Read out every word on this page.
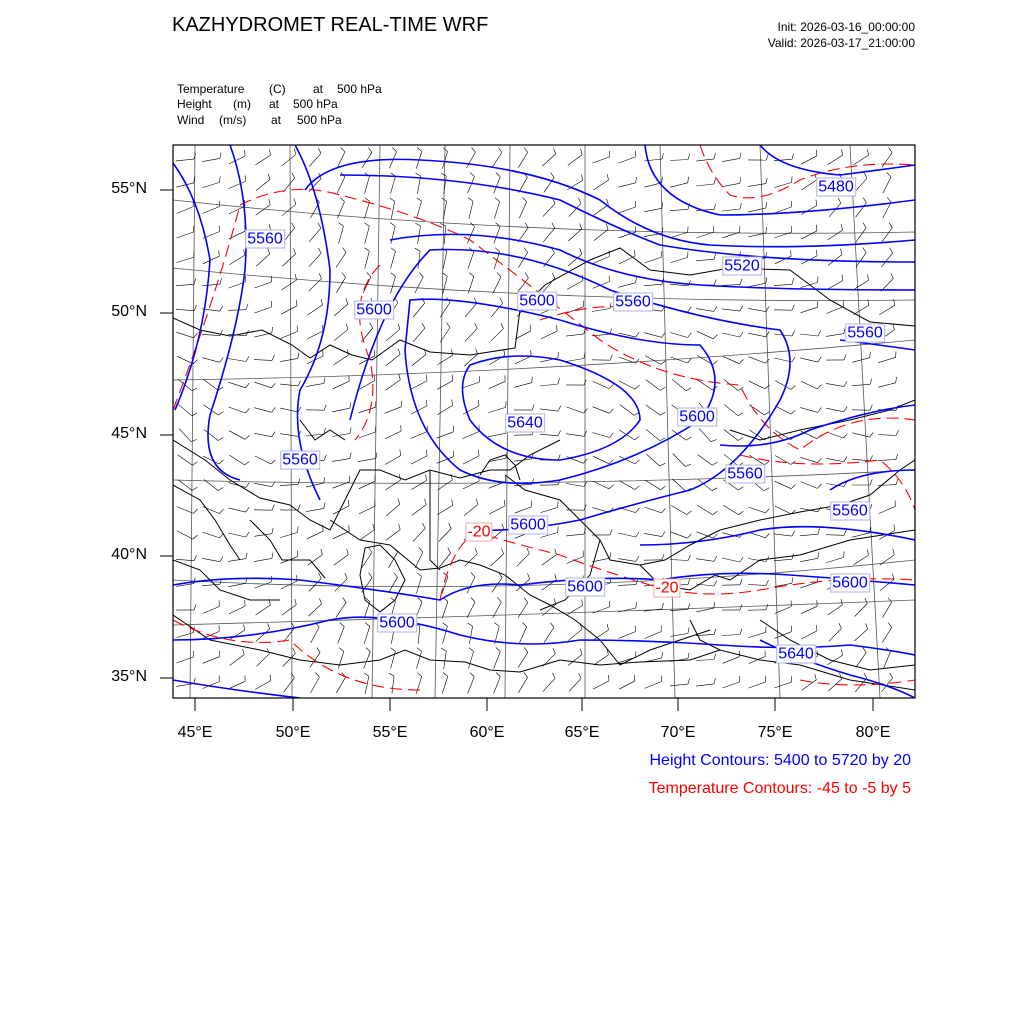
KAZHYDROMET REAL-TIME WRF	Init: 2026-03-16_00:00:00
Valid: 2026-03-17_21:00:00
Temperature (C) at 500 hPa
Height (m) at 500 hPa
Wind (m/s) at 500 hPa
55°N
50°N
45°N
40°N
35°N
45°E	50°E	55°E	60°E	65°E	70°E	75°E	80°E
5480
5520
5560
5560
5560
5560
5560
5560
5600
5600
5600
5600
5600	5600
5600
5640
5640
-20
-20
Height Contours: 5400 to 5720 by 20
Temperature Contours: -45 to -5 by 5
